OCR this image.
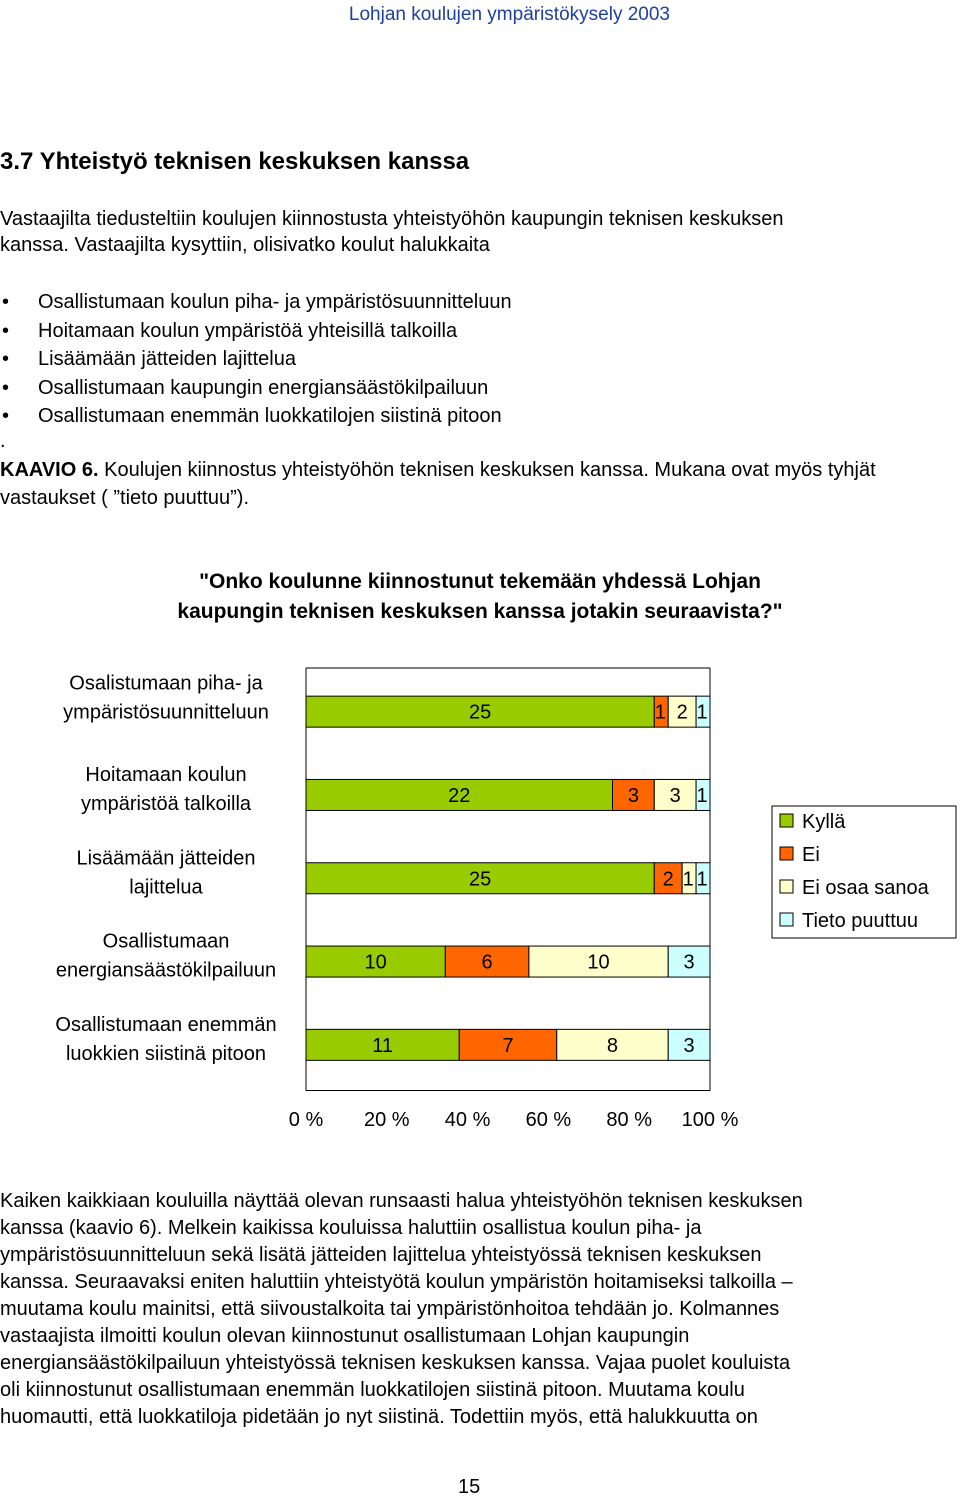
Lohjan koulujen ympäristökysely 2003
3.7 Yhteistyö teknisen keskuksen kanssa
Vastaajilta tiedusteltiin koulujen kiinnostusta yhteistyöhön kaupungin teknisen keskuksen
kanssa. Vastaajilta kysyttiin, olisivatko koulut halukkaita
• Osallistumaan koulun piha- ja ympäristösuunnitteluun
• Hoitamaan koulun ympäristöä yhteisillä talkoilla
• Lisäämään jätteiden lajittelua
• Osallistumaan kaupungin energiansäästökilpailuun
• Osallistumaan enemmän luokkatilojen siistinä pitoon
.
KAAVIO 6. Koulujen kiinnostus yhteistyöhön teknisen keskuksen kanssa. Mukana ovat myös tyhjät vastaukset ( ”tieto puuttuu”).
"Onko koulunne kiinnostunut tekemään yhdessä Lohjan
kaupungin teknisen keskuksen kanssa jotakin seuraavista?"
25	1 2 1
Osalistumaan piha- ja
ympäristösuunnitteluun
22	3 3 1
Hoitamaan koulun
ympäristöä talkoilla
25	2 1 1
Lisäämään jätteiden
lajittelua
10	6	10	3
Osallistumaan
energiansäästökilpailuun
11	7	8	3
Osallistumaan enemmän
luokkien siistinä pitoon
0 % 20 % 40 % 60 % 80 % 100 %
Kyllä
Ei
Ei osaa sanoa
Tieto puuttuu
Kaiken kaikkiaan kouluilla näyttää olevan runsaasti halua yhteistyöhön teknisen keskuksen
kanssa (kaavio 6). Melkein kaikissa kouluissa haluttiin osallistua koulun piha- ja
ympäristösuunnitteluun sekä lisätä jätteiden lajittelua yhteistyössä teknisen keskuksen
kanssa. Seuraavaksi eniten haluttiin yhteistyötä koulun ympäristön hoitamiseksi talkoilla –
muutama koulu mainitsi, että siivoustalkoita tai ympäristönhoitoa tehdään jo. Kolmannes
vastaajista ilmoitti koulun olevan kiinnostunut osallistumaan Lohjan kaupungin
energiansäästökilpailuun yhteistyössä teknisen keskuksen kanssa. Vajaa puolet kouluista
oli kiinnostunut osallistumaan enemmän luokkatilojen siistinä pitoon. Muutama koulu
huomautti, että luokkatiloja pidetään jo nyt siistinä. Todettiin myös, että halukkuutta on
15
